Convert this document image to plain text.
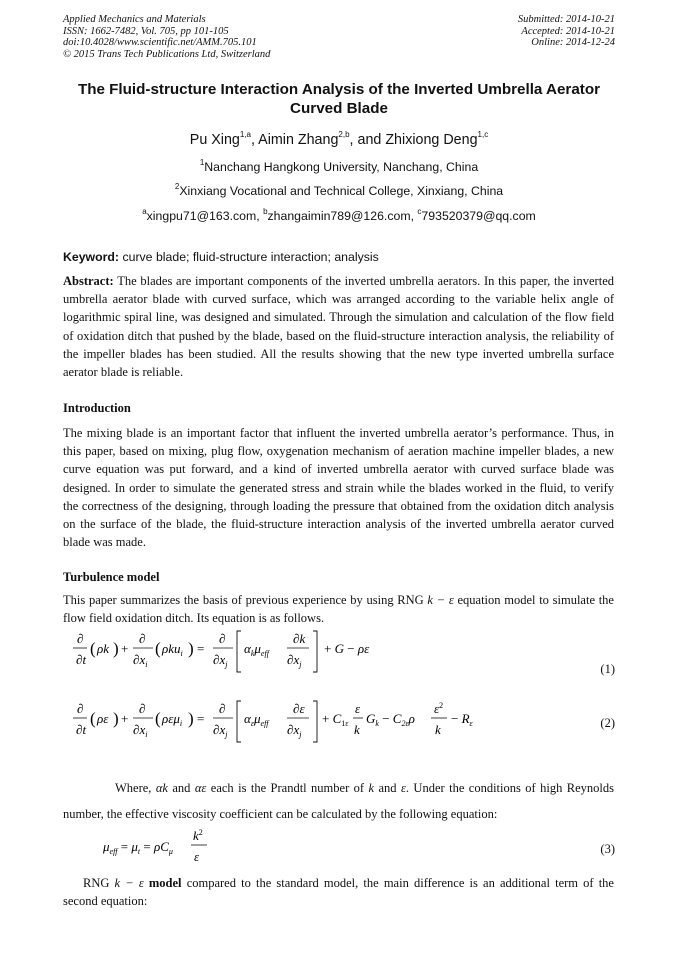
Applied Mechanics and Materials
ISSN: 1662-7482, Vol. 705, pp 101-105
doi:10.4028/www.scientific.net/AMM.705.101
© 2015 Trans Tech Publications Ltd, Switzerland
Submitted: 2014-10-21
Accepted: 2014-10-21
Online: 2014-12-24
The Fluid-structure Interaction Analysis of the Inverted Umbrella Aerator
Curved Blade
Pu Xing$^{1,a}$, Aimin Zhang$^{2,b}$, and Zhixiong Deng$^{1,c}$
$^1$Nanchang Hangkong University, Nanchang, China
$^2$Xinxiang Vocational and Technical College, Xinxiang, China
$^a$xingpu71@163.com, $^b$zhangaimin789@126.com, $^c$793520379@qq.com
Keyword: curve blade; fluid-structure interaction; analysis
Abstract: The blades are important components of the inverted umbrella aerators. In this paper, the inverted umbrella aerator blade with curved surface, which was arranged according to the variable helix angle of logarithmic spiral line, was designed and simulated. Through the simulation and calculation of the flow field of oxidation ditch that pushed by the blade, based on the fluid-structure interaction analysis, the reliability of the impeller blades has been studied. All the results showing that the new type inverted umbrella surface aerator blade is reliable.
Introduction
The mixing blade is an important factor that influent the inverted umbrella aerator’s performance. Thus, in this paper, based on mixing, plug flow, oxygenation mechanism of aeration machine impeller blades, a new curve equation was put forward, and a kind of inverted umbrella aerator with curved surface blade was designed. In order to simulate the generated stress and strain while the blades worked in the fluid, to verify the correctness of the designing, through loading the pressure that obtained from the oxidation ditch analysis on the surface of the blade, the fluid-structure interaction analysis of the inverted umbrella aerator curved blade was made.
Turbulence model
This paper summarizes the basis of previous experience by using RNG k − ε equation model to simulate the flow field oxidation ditch. Its equation is as follows.
∂
∂t
( ρk ) +
∂
$\partial x_i$
( ρku$_i$ ) =
∂
$\partial x_j$
$\alpha_k\mu_{eff}$
∂k
$\partial x_j$
+ G − ρε
(1)
∂
∂t
( ρε ) +
∂
$\partial x_i$
( ρεμ$_i$ ) =
∂
$\partial x_j$
$\alpha_\varepsilon\mu_{eff}$
∂ε
$\partial x_j$
+ $C_{1\varepsilon}$
ε
k
$G_k - C_{2\varepsilon}\rho$
$\varepsilon^2$
k
− $R_\varepsilon$	(2)
Where, αk and αε each is the Prandtl number of k and ε. Under the conditions of high Reynolds number, the effective viscosity coefficient can be calculated by the following equation:
$\mu_{eff} = \mu_t = \rho C_\mu$
$k^2$
ε	(3)
RNG k − ε model compared to the standard model, the main difference is an additional term of the second equation:
